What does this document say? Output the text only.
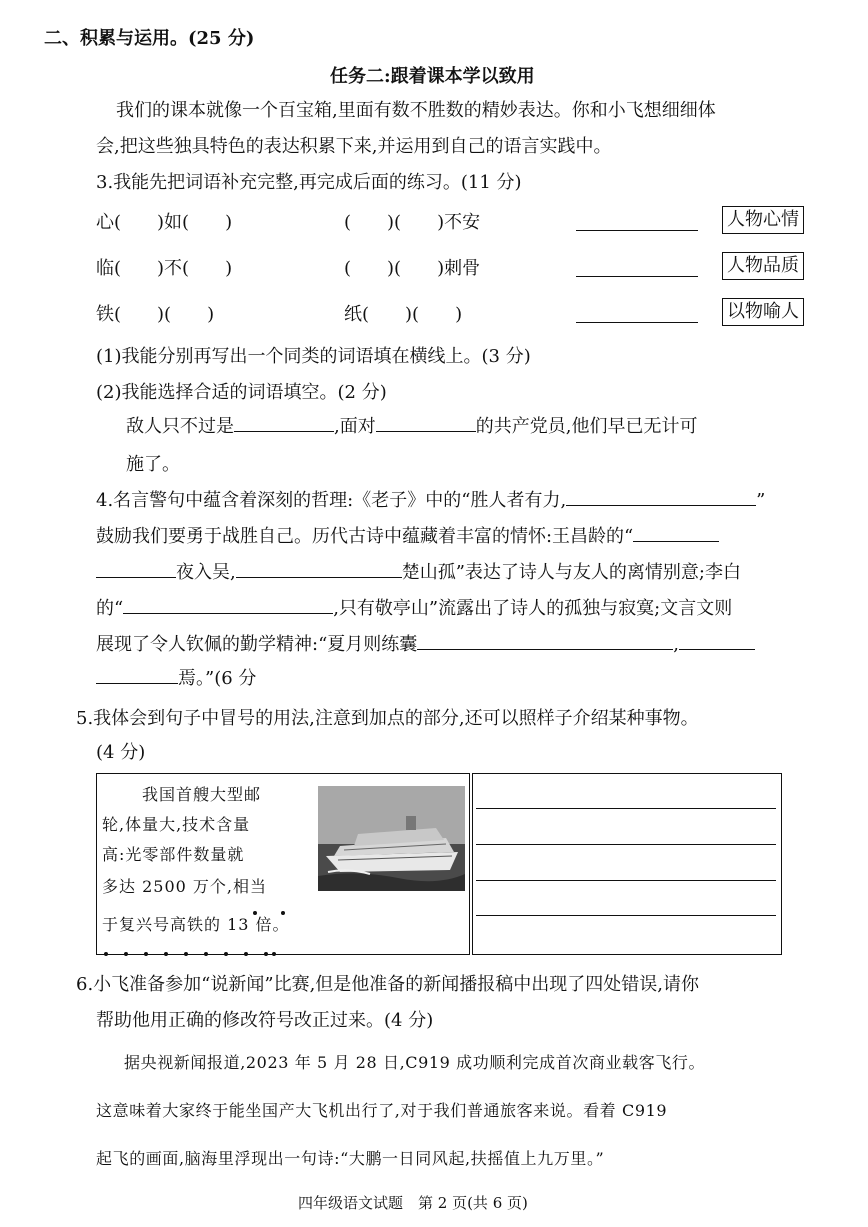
二、积累与运用。(25 分)
任务二:跟着课本学以致用
我们的课本就像一个百宝箱,里面有数不胜数的精妙表达。你和小飞想细细体
会,把这些独具特色的表达积累下来,并运用到自己的语言实践中。
3.我能先把词语补充完整,再完成后面的练习。(11 分)
心(　　)如(　　)	(　　)(　　)不安	人物心情
临(　　)不(　　)	(　　)(　　)刺骨	人物品质
铁(　　)(　　)	纸(　　)(　　)	以物喻人
(1)我能分别再写出一个同类的词语填在横线上。(3 分)
(2)我能选择合适的词语填空。(2 分)
敌人只不过是	,面对	的共产党员,他们早已无计可
施了。
4.名言警句中蕴含着深刻的哲理:《老子》中的“胜人者有力,	”
鼓励我们要勇于战胜自己。历代古诗中蕴藏着丰富的情怀:王昌龄的“
夜入吴,	楚山孤”表达了诗人与友人的离情别意;李白
的“	,只有敬亭山”流露出了诗人的孤独与寂寞;文言文则
展现了令人钦佩的勤学精神:“夏月则练囊	,
焉。”(6 分
5.我体会到句子中冒号的用法,注意到加点的部分,还可以照样子介绍某种事物。
(4 分)
我国首艘大型邮
轮,体量大,技术含量
高:光零部件数量就
多达 2500 万个,相当
于复兴号高铁的 13 倍。
6.小飞准备参加“说新闻”比赛,但是他准备的新闻播报稿中出现了四处错误,请你
帮助他用正确的修改符号改正过来。(4 分)
据央视新闻报道,2023 年 5 月 28 日,C919 成功顺利完成首次商业载客飞行。
这意味着大家终于能坐国产大飞机出行了,对于我们普通旅客来说。看着 C919
起飞的画面,脑海里浮现出一句诗:“大鹏一日同风起,扶摇值上九万里。”
四年级语文试题　第 2 页(共 6 页)
